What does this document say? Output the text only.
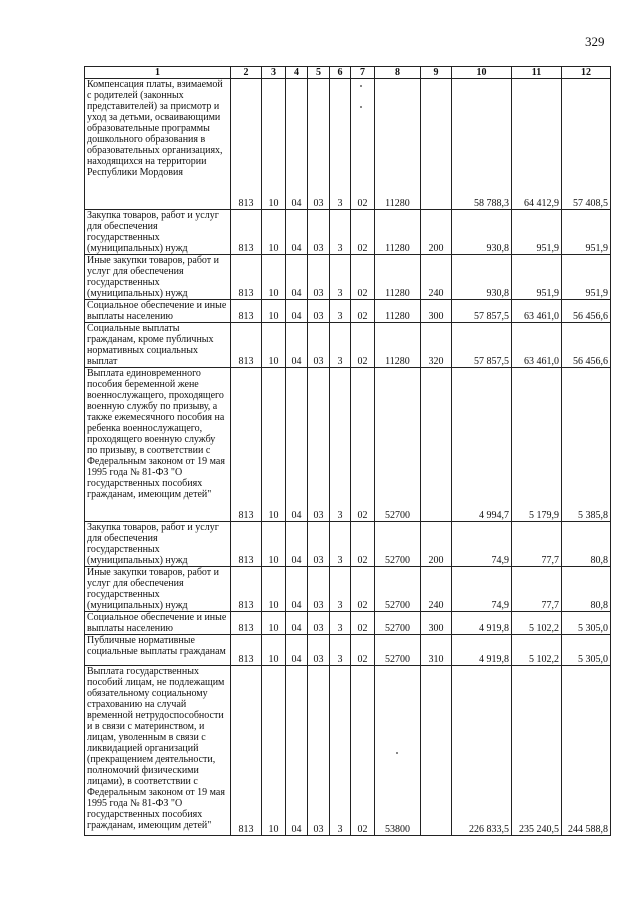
329
1	2	3	4	5	6	7	8	9	10	11	12
Компенсация платы, взимаемой с родителей (законных представителей) за присмотр и уход за детьми, осваивающими образовательные программы дошкольного образования в образовательных организациях, находящихся на территории Республики Мордовия	813	10	04	03	3	02	11280		58 788,3	64 412,9	57 408,5
Закупка товаров, работ и услуг для обеспечения государственных (муниципальных) нужд	813	10	04	03	3	02	11280	200	930,8	951,9	951,9
Иные закупки товаров, работ и услуг для обеспечения государственных (муниципальных) нужд	813	10	04	03	3	02	11280	240	930,8	951,9	951,9
Социальное обеспечение и иные выплаты населению	813	10	04	03	3	02	11280	300	57 857,5	63 461,0	56 456,6
Социальные выплаты гражданам, кроме публичных нормативных социальных выплат	813	10	04	03	3	02	11280	320	57 857,5	63 461,0	56 456,6
Выплата единовременного пособия беременной жене военнослужащего, проходящего военную службу по призыву, а также ежемесячного пособия на ребенка военнослужащего, проходящего военную службу по призыву, в соответствии с Федеральным законом от 19 мая 1995 года № 81-ФЗ "О государственных пособиях гражданам, имеющим детей"	813	10	04	03	3	02	52700		4 994,7	5 179,9	5 385,8
Закупка товаров, работ и услуг для обеспечения государственных (муниципальных) нужд	813	10	04	03	3	02	52700	200	74,9	77,7	80,8
Иные закупки товаров, работ и услуг для обеспечения государственных (муниципальных) нужд	813	10	04	03	3	02	52700	240	74,9	77,7	80,8
Социальное обеспечение и иные выплаты населению	813	10	04	03	3	02	52700	300	4 919,8	5 102,2	5 305,0
Публичные нормативные социальные выплаты гражданам	813	10	04	03	3	02	52700	310	4 919,8	5 102,2	5 305,0
Выплата государственных пособий лицам, не подлежащим обязательному социальному страхованию на случай временной нетрудоспособности и в связи с материнством, и лицам, уволенным в связи с ликвидацией организаций (прекращением деятельности, полномочий физическими лицами), в соответствии с Федеральным законом от 19 мая 1995 года № 81-ФЗ "О государственных пособиях гражданам, имеющим детей"	813	10	04	03	3	02	53800		226 833,5	235 240,5	244 588,8
